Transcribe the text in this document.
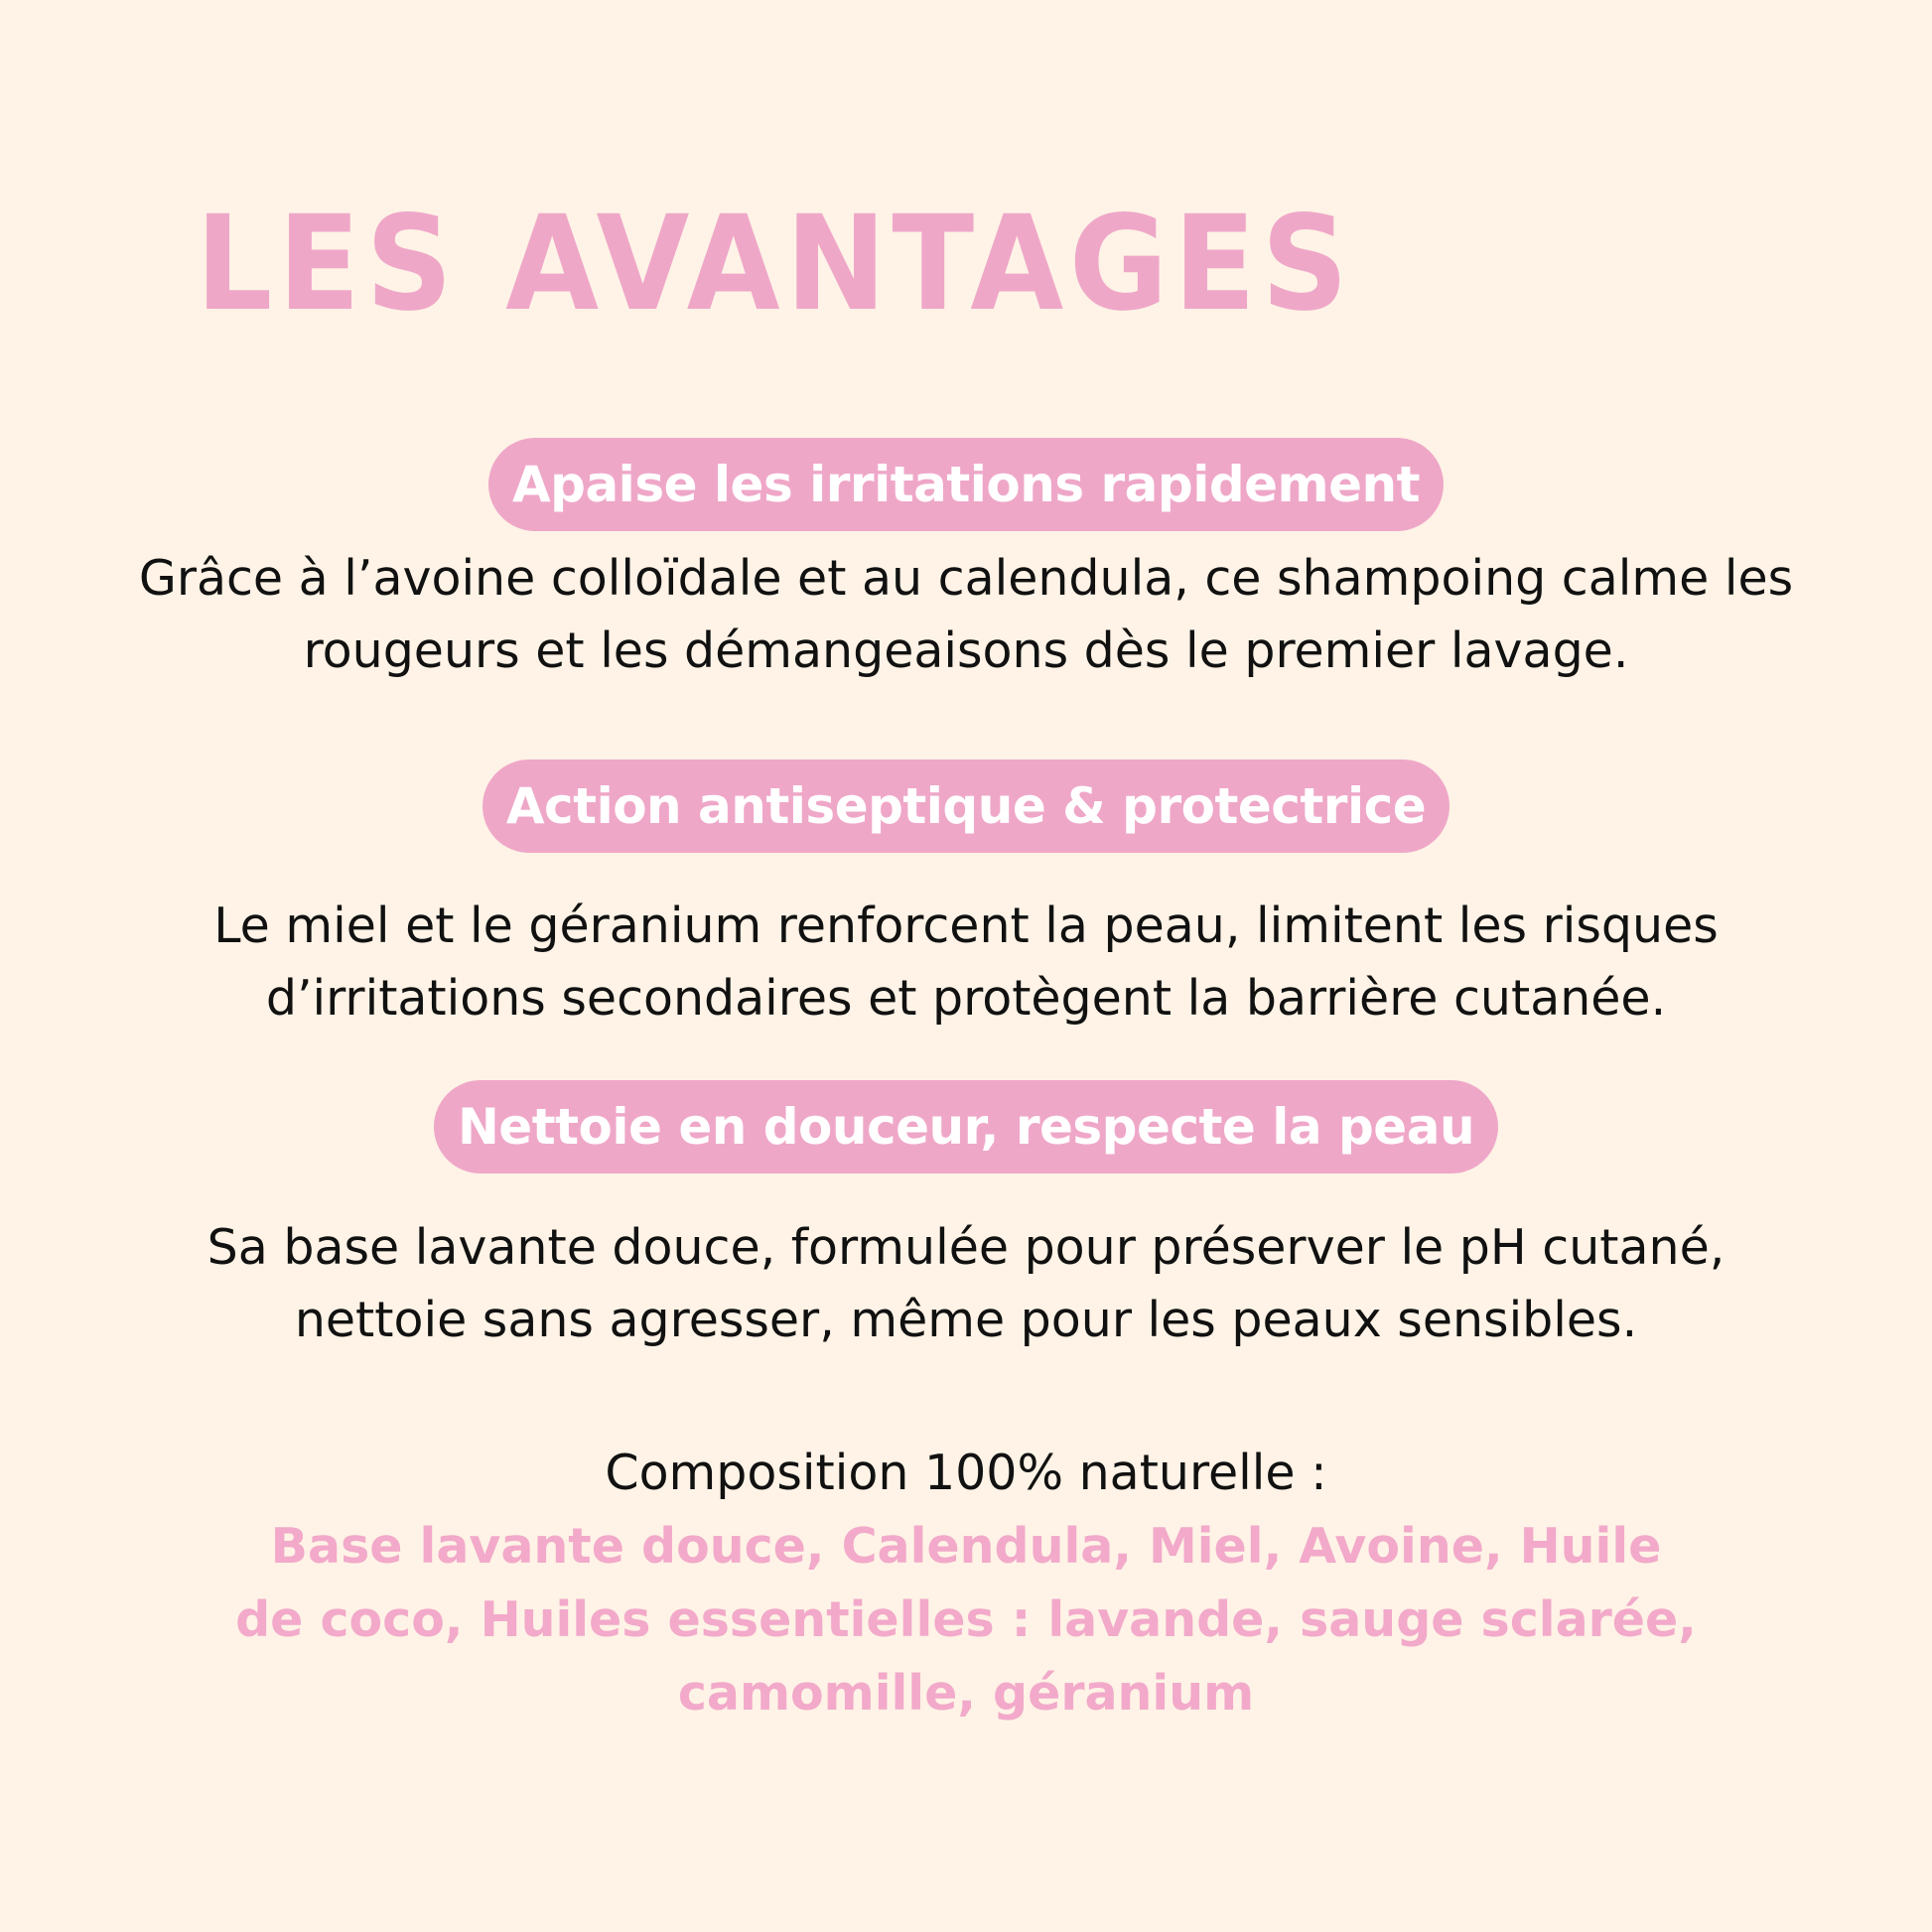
LES AVANTAGES
Apaise les irritations rapidement

Grâce à l’avoine colloïdale et au calendula, ce shampoing calme les rougeurs et les démangeaisons dès le premier lavage.

Action antiseptique & protectrice

Le miel et le géranium renforcent la peau, limitent les risques d’irritations secondaires et protègent la barrière cutanée.

Nettoie en douceur, respecte la peau

Sa base lavante douce, formulée pour préserver le pH cutané, nettoie sans agresser, même pour les peaux sensibles.

Composition 100% naturelle :

Base lavante douce, Calendula, Miel, Avoine, Huile de coco, Huiles essentielles : lavande, sauge sclarée, camomille, géranium
